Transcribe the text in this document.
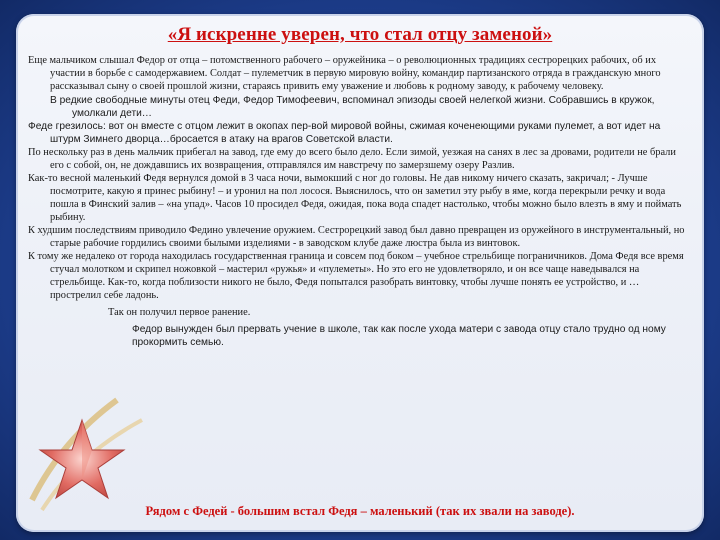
«Я искренне уверен, что стал отцу заменой»

Еще мальчиком слышал Федор от отца – потомственного рабочего – оружейника – о революционных традициях сестрорецких рабочих, об их участии в борьбе с самодержавием. Солдат – пулеметчик в первую мировую войну, командир партизанского отряда в гражданскую много рассказывал сыну о своей прошлой жизни, стараясь привить ему уважение и любовь к родному заводу, к рабочему человеку.

В редкие свободные минуты отец Феди, Федор Тимофеевич, вспоминал эпизоды своей нелегкой жизни. Собравшись в кружок, умолкали дети…

Феде грезилось: вот он вместе с отцом лежит в окопах пер-вой мировой войны, сжимая коченеющими руками пулемет, а вот идет на штурм Зимнего дворца…бросается в атаку на врагов Советской власти.

По нескольку раз в день мальчик прибегал на завод, где ему до всего было дело. Если зимой, уезжая на санях в лес за дровами, родители не брали его с собой, он, не дождавшись их возвращения, отправлялся им навстречу по замерзшему озеру Разлив.

Как-то весной маленький Федя вернулся домой в 3 часа ночи, вымокший с ног до головы. Не дав никому ничего сказать, закричал; - Лучше посмотрите, какую я принес рыбину! – и уронил на пол лосося. Выяснилось, что он заметил эту рыбу в яме, когда перекрыли речку и вода пошла в Финский залив – «на упад». Часов 10 просидел Федя, ожидая, пока вода спадет настолько, чтобы можно было влезть в яму и поймать рыбину.

К худшим последствиям приводило Федино увлечение оружием. Сестрорецкий завод был давно превращен из оружейного в инструментальный, но старые рабочие гордились своими былыми изделиями - в заводском клубе даже люстра была из винтовок.

К тому же недалеко от города находилась государственная граница и совсем под боком – учебное стрельбище пограничников. Дома Федя все время стучал молотком и скрипел ножовкой – мастерил «ружья» и «пулеметы». Но это его не удовлетворяло, и он все чаще наведывался на стрельбище. Как-то, когда поблизости никого не было, Федя попытался разобрать винтовку, чтобы лучше понять ее устройство, и … прострелил себе ладонь.

Так он получил первое ранение.

Федор вынужден был прервать учение в школе, так как после ухода матери с завода отцу стало трудно од ному прокормить семью.

Рядом с Федей - большим встал Федя – маленький (так их звали на заводе).
